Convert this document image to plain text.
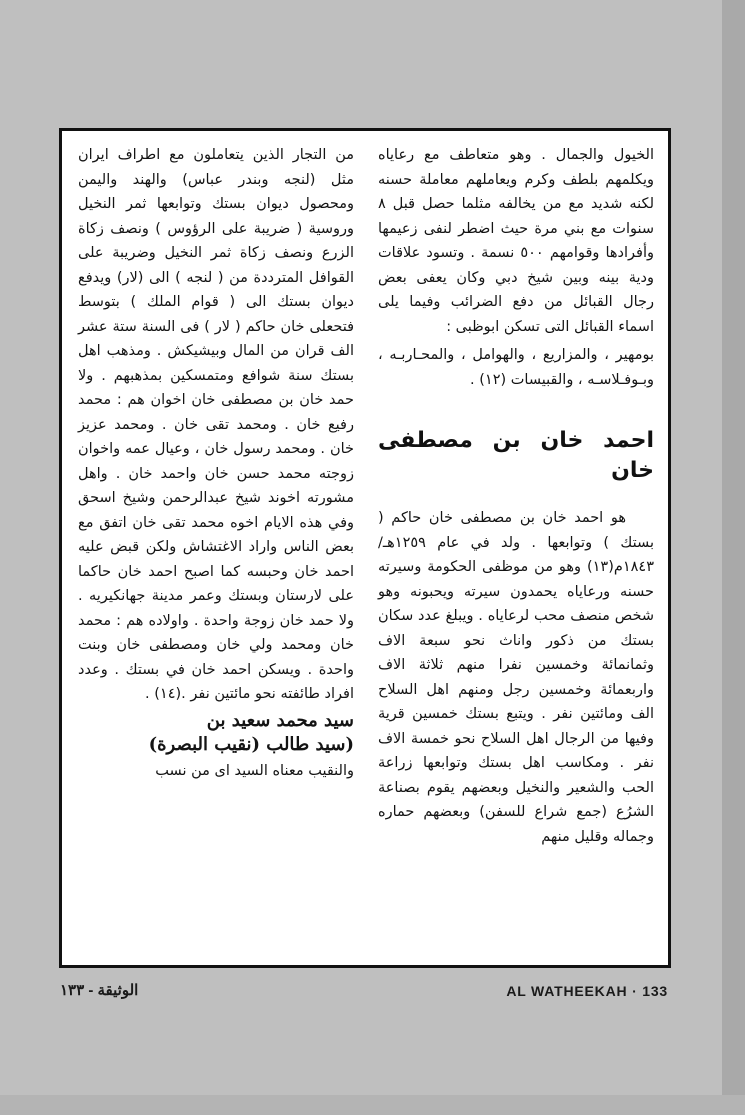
الخيول والجمال . وهو متعاطف مع رعاياه ويكلمهم بلطف وكرم ويعاملهم معاملة حسنه لكنه شديد مع من يخالفه مثلما حصل قبل ٨ سنوات مع بني مرة حيث اضطر لنفى زعيمها وأفرادها وقوامهم ٥٠٠ نسمة . وتسود علاقات ودية بينه وبين شيخ دبي وكان يعفى بعض رجال القبائل من دفع الضرائب وفيما يلى اسماء القبائل التى تسكن ابوظبى :

بومهير ، والمزاريع ، والهوامل ، والمحـاربـه ، وبـوفـلاسـه ، والقبيسات (١٢) .

احمد خان بن مصطفى خان

هو احمد خان بن مصطفى خان حاكم ( بستك ) وتوابعها . ولد في عام ١٢٥٩هـ/١٨٤٣م(١٣) وهو من موظفى الحكومة وسيرته حسنه ورعاياه يحمدون سيرته ويحبونه وهو شخص منصف محب لرعاياه . ويبلغ عدد سكان بستك من ذكور واناث نحو سبعة الاف وثمانمائة وخمسين نفرا منهم ثلاثة الاف واربعمائة وخمسين رجل ومنهم اهل السلاح الف ومائتين نفر . ويتبع بستك خمسين قرية وفيها من الرجال اهل السلاح نحو خمسة الاف نفر . ومكاسب اهل بستك وتوابعها زراعة الحب والشعير والنخيل وبعضهم يقوم بصناعة الشرُع (جمع شراع للسفن) وبعضهم حماره وجماله وقليل منهم

من التجار الذين يتعاملون مع اطراف ايران مثل (لنجه وبندر عباس) والهند واليمن ومحصول ديوان بستك وتوابعها ثمر النخيل وروسية ( ضريبة على الرؤوس ) ونصف زكاة الزرع ونصف زكاة ثمر النخيل وضريبة على القوافل المترددة من ( لنجه ) الى (لار) ويدفع ديوان بستك الى ( قوام الملك ) بتوسط فتحعلى خان حاكم ( لار ) فى السنة ستة عشر الف قران من المال وبيشيكش . ومذهب اهل بستك سنة شوافع ومتمسكين بمذهبهم . ولا حمد خان بن مصطفى خان اخوان هم : محمد رفيع خان . ومحمد تقى خان . ومحمد عزيز خان . ومحمد رسول خان ، وعيال عمه واخوان زوجته محمد حسن خان واحمد خان . واهل مشورته اخوند شيخ عبدالرحمن وشيخ اسحق وفي هذه الايام اخوه محمد تقى خان اتفق مع بعض الناس واراد الاغتشاش ولكن قبض عليه احمد خان وحبسه كما اصبح احمد خان حاكما على لارستان وبستك وعمر مدينة جهانكيريه . ولا حمد خان زوجة واحدة . واولاده هم : محمد خان ومحمد ولي خان ومصطفى خان وبنت واحدة . ويسكن احمد خان في بستك . وعدد افراد طائفته نحو مائتين نفر .(١٤) .

سيد محمد سعيد بن
(سيد طالب (نقيب البصرة)

والنقيب معناه السيد اى من نسب

الوثيقة - ١٣٣	AL WATHEEKAH · 133
